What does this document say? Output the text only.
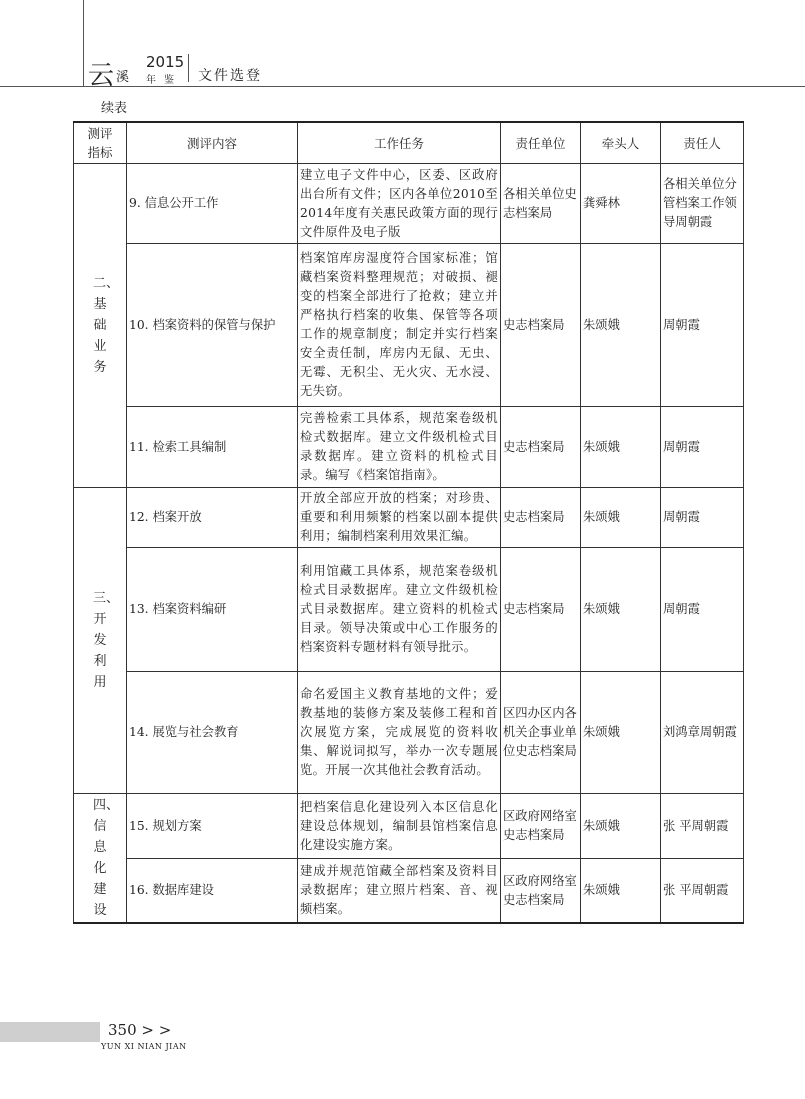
云 溪
2015
年鉴 文件选登
续表
测评指标	测评内容	工作任务	责任单位	牵头人	责任人
二、基础业务	9. 信息公开工作	建立电子文件中心，区委、区政府出台所有文件；区内各单位2010至2014年度有关惠民政策方面的现行文件原件及电子版	各相关单位史志档案局	龚舜林	各相关单位分管档案工作领导周朝霞
	10. 档案资料的保管与保护	档案馆库房湿度符合国家标准；馆藏档案资料整理规范；对破损、褪变的档案全部进行了抢救；建立并严格执行档案的收集、保管等各项工作的规章制度；制定并实行档案安全责任制，库房内无鼠、无虫、无霉、无积尘、无火灾、无水浸、无失窃。	史志档案局	朱颂娥	周朝霞
	11. 检索工具编制	完善检索工具体系，规范案卷级机检式数据库。建立文件级机检式目录数据库。建立资料的机检式目录。编写《档案馆指南》。	史志档案局	朱颂娥	周朝霞
三、开发利用	12. 档案开放	开放全部应开放的档案；对珍贵、重要和利用频繁的档案以副本提供利用；编制档案利用效果汇编。	史志档案局	朱颂娥	周朝霞
	13. 档案资料编研	利用馆藏工具体系，规范案卷级机检式目录数据库。建立文件级机检式目录数据库。建立资料的机检式目录。领导决策或中心工作服务的档案资料专题材料有领导批示。	史志档案局	朱颂娥	周朝霞
	14. 展览与社会教育	命名爱国主义教育基地的文件；爱教基地的装修方案及装修工程和首次展览方案，完成展览的资料收集、解说词拟写，举办一次专题展览。开展一次其他社会教育活动。	区四办区内各机关企事业单位史志档案局	朱颂娥	刘鸿章周朝霞
四、信息化建设	15. 规划方案	把档案信息化建设列入本区信息化建设总体规划，编制县馆档案信息化建设实施方案。	区政府网络室史志档案局	朱颂娥	张 平周朝霞
	16. 数据库建设	建成并规范馆藏全部档案及资料目录数据库；建立照片档案、音、视频档案。	区政府网络室史志档案局	朱颂娥	张 平周朝霞
350 > >
YUN XI NIAN JIAN
